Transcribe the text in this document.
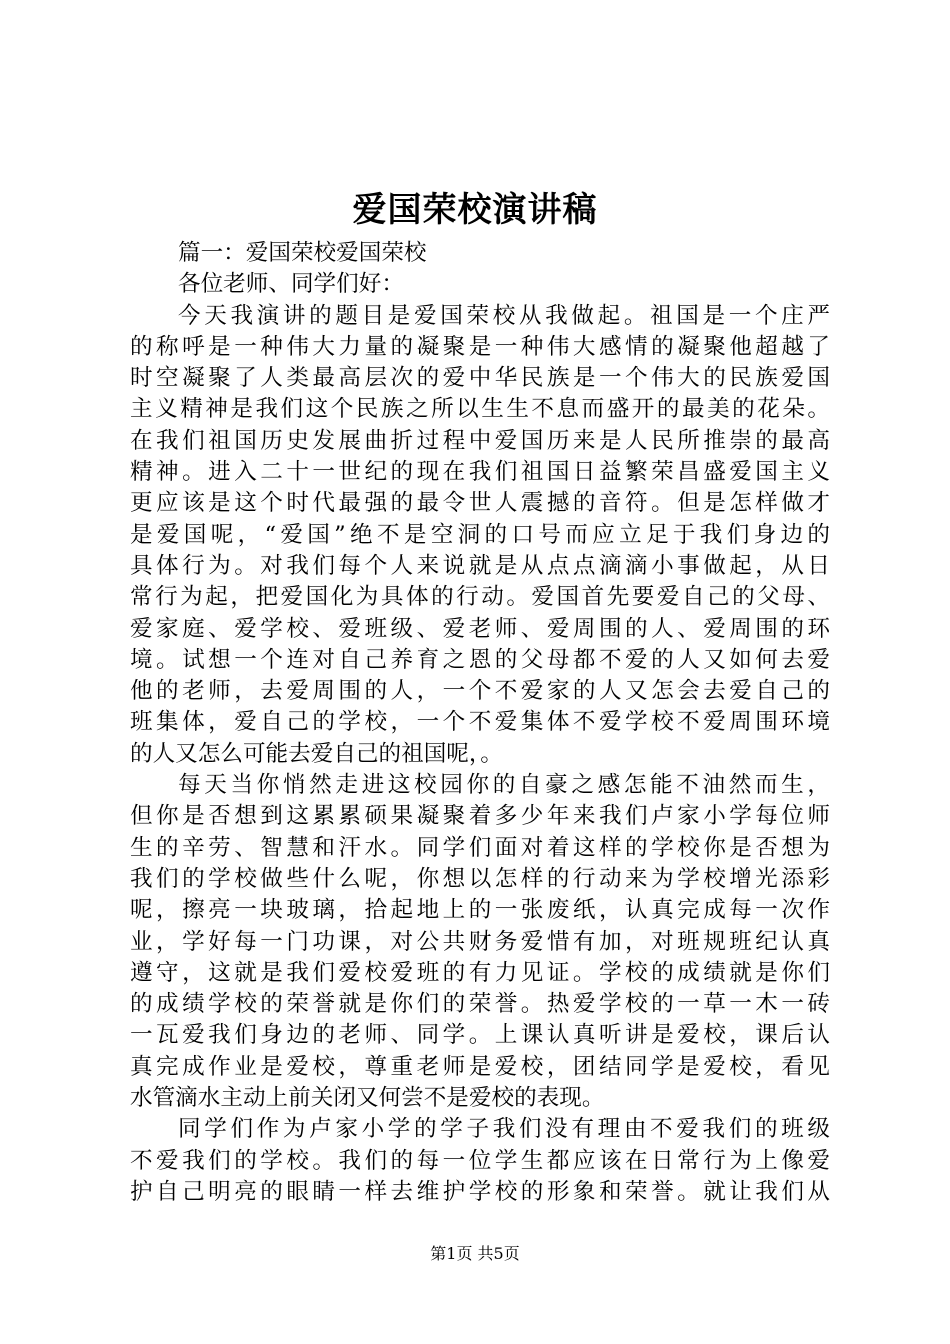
爱国荣校演讲稿
篇一：爱国荣校爱国荣校
各位老师、同学们好：
今天我演讲的题目是爱国荣校从我做起。祖国是一个庄严
的称呼是一种伟大力量的凝聚是一种伟大感情的凝聚他超越了
时空凝聚了人类最高层次的爱中华民族是一个伟大的民族爱国
主义精神是我们这个民族之所以生生不息而盛开的最美的花朵。
在我们祖国历史发展曲折过程中爱国历来是人民所推崇的最高
精神。进入二十一世纪的现在我们祖国日益繁荣昌盛爱国主义
更应该是这个时代最强的最令世人震撼的音符。但是怎样做才
是爱国呢，“爱国”绝不是空洞的口号而应立足于我们身边的
具体行为。对我们每个人来说就是从点点滴滴小事做起，从日
常行为起，把爱国化为具体的行动。爱国首先要爱自己的父母、
爱家庭、爱学校、爱班级、爱老师、爱周围的人、爱周围的环
境。试想一个连对自己养育之恩的父母都不爱的人又如何去爱
他的老师，去爱周围的人，一个不爱家的人又怎会去爱自己的
班集体，爱自己的学校，一个不爱集体不爱学校不爱周围环境
的人又怎么可能去爱自己的祖国呢，。
每天当你悄然走进这校园你的自豪之感怎能不油然而生，
但你是否想到这累累硕果凝聚着多少年来我们卢家小学每位师
生的辛劳、智慧和汗水。同学们面对着这样的学校你是否想为
我们的学校做些什么呢，你想以怎样的行动来为学校增光添彩
呢，擦亮一块玻璃，拾起地上的一张废纸，认真完成每一次作
业，学好每一门功课，对公共财务爱惜有加，对班规班纪认真
遵守，这就是我们爱校爱班的有力见证。学校的成绩就是你们
的成绩学校的荣誉就是你们的荣誉。热爱学校的一草一木一砖
一瓦爱我们身边的老师、同学。上课认真听讲是爱校，课后认
真完成作业是爱校，尊重老师是爱校，团结同学是爱校，看见
水管滴水主动上前关闭又何尝不是爱校的表现。
同学们作为卢家小学的学子我们没有理由不爱我们的班级
不爱我们的学校。我们的每一位学生都应该在日常行为上像爱
护自己明亮的眼睛一样去维护学校的形象和荣誉。就让我们从
第1页 共5页
